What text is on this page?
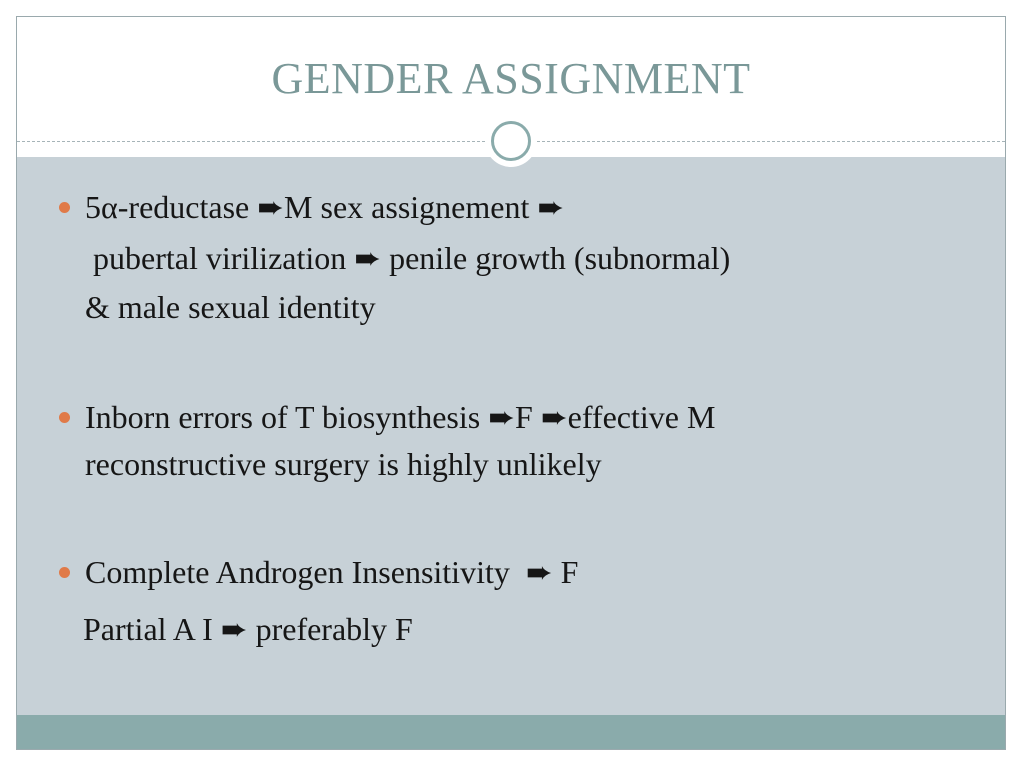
GENDER ASSIGNMENT
5α-reductase ➨M sex assignement ➨
pubertal virilization ➨ penile growth (subnormal)
& male sexual identity
Inborn errors of T biosynthesis ➨F ➨effective M
reconstructive surgery is highly unlikely
Complete Androgen Insensitivity  ➨ F
Partial A I ➨ preferably F
